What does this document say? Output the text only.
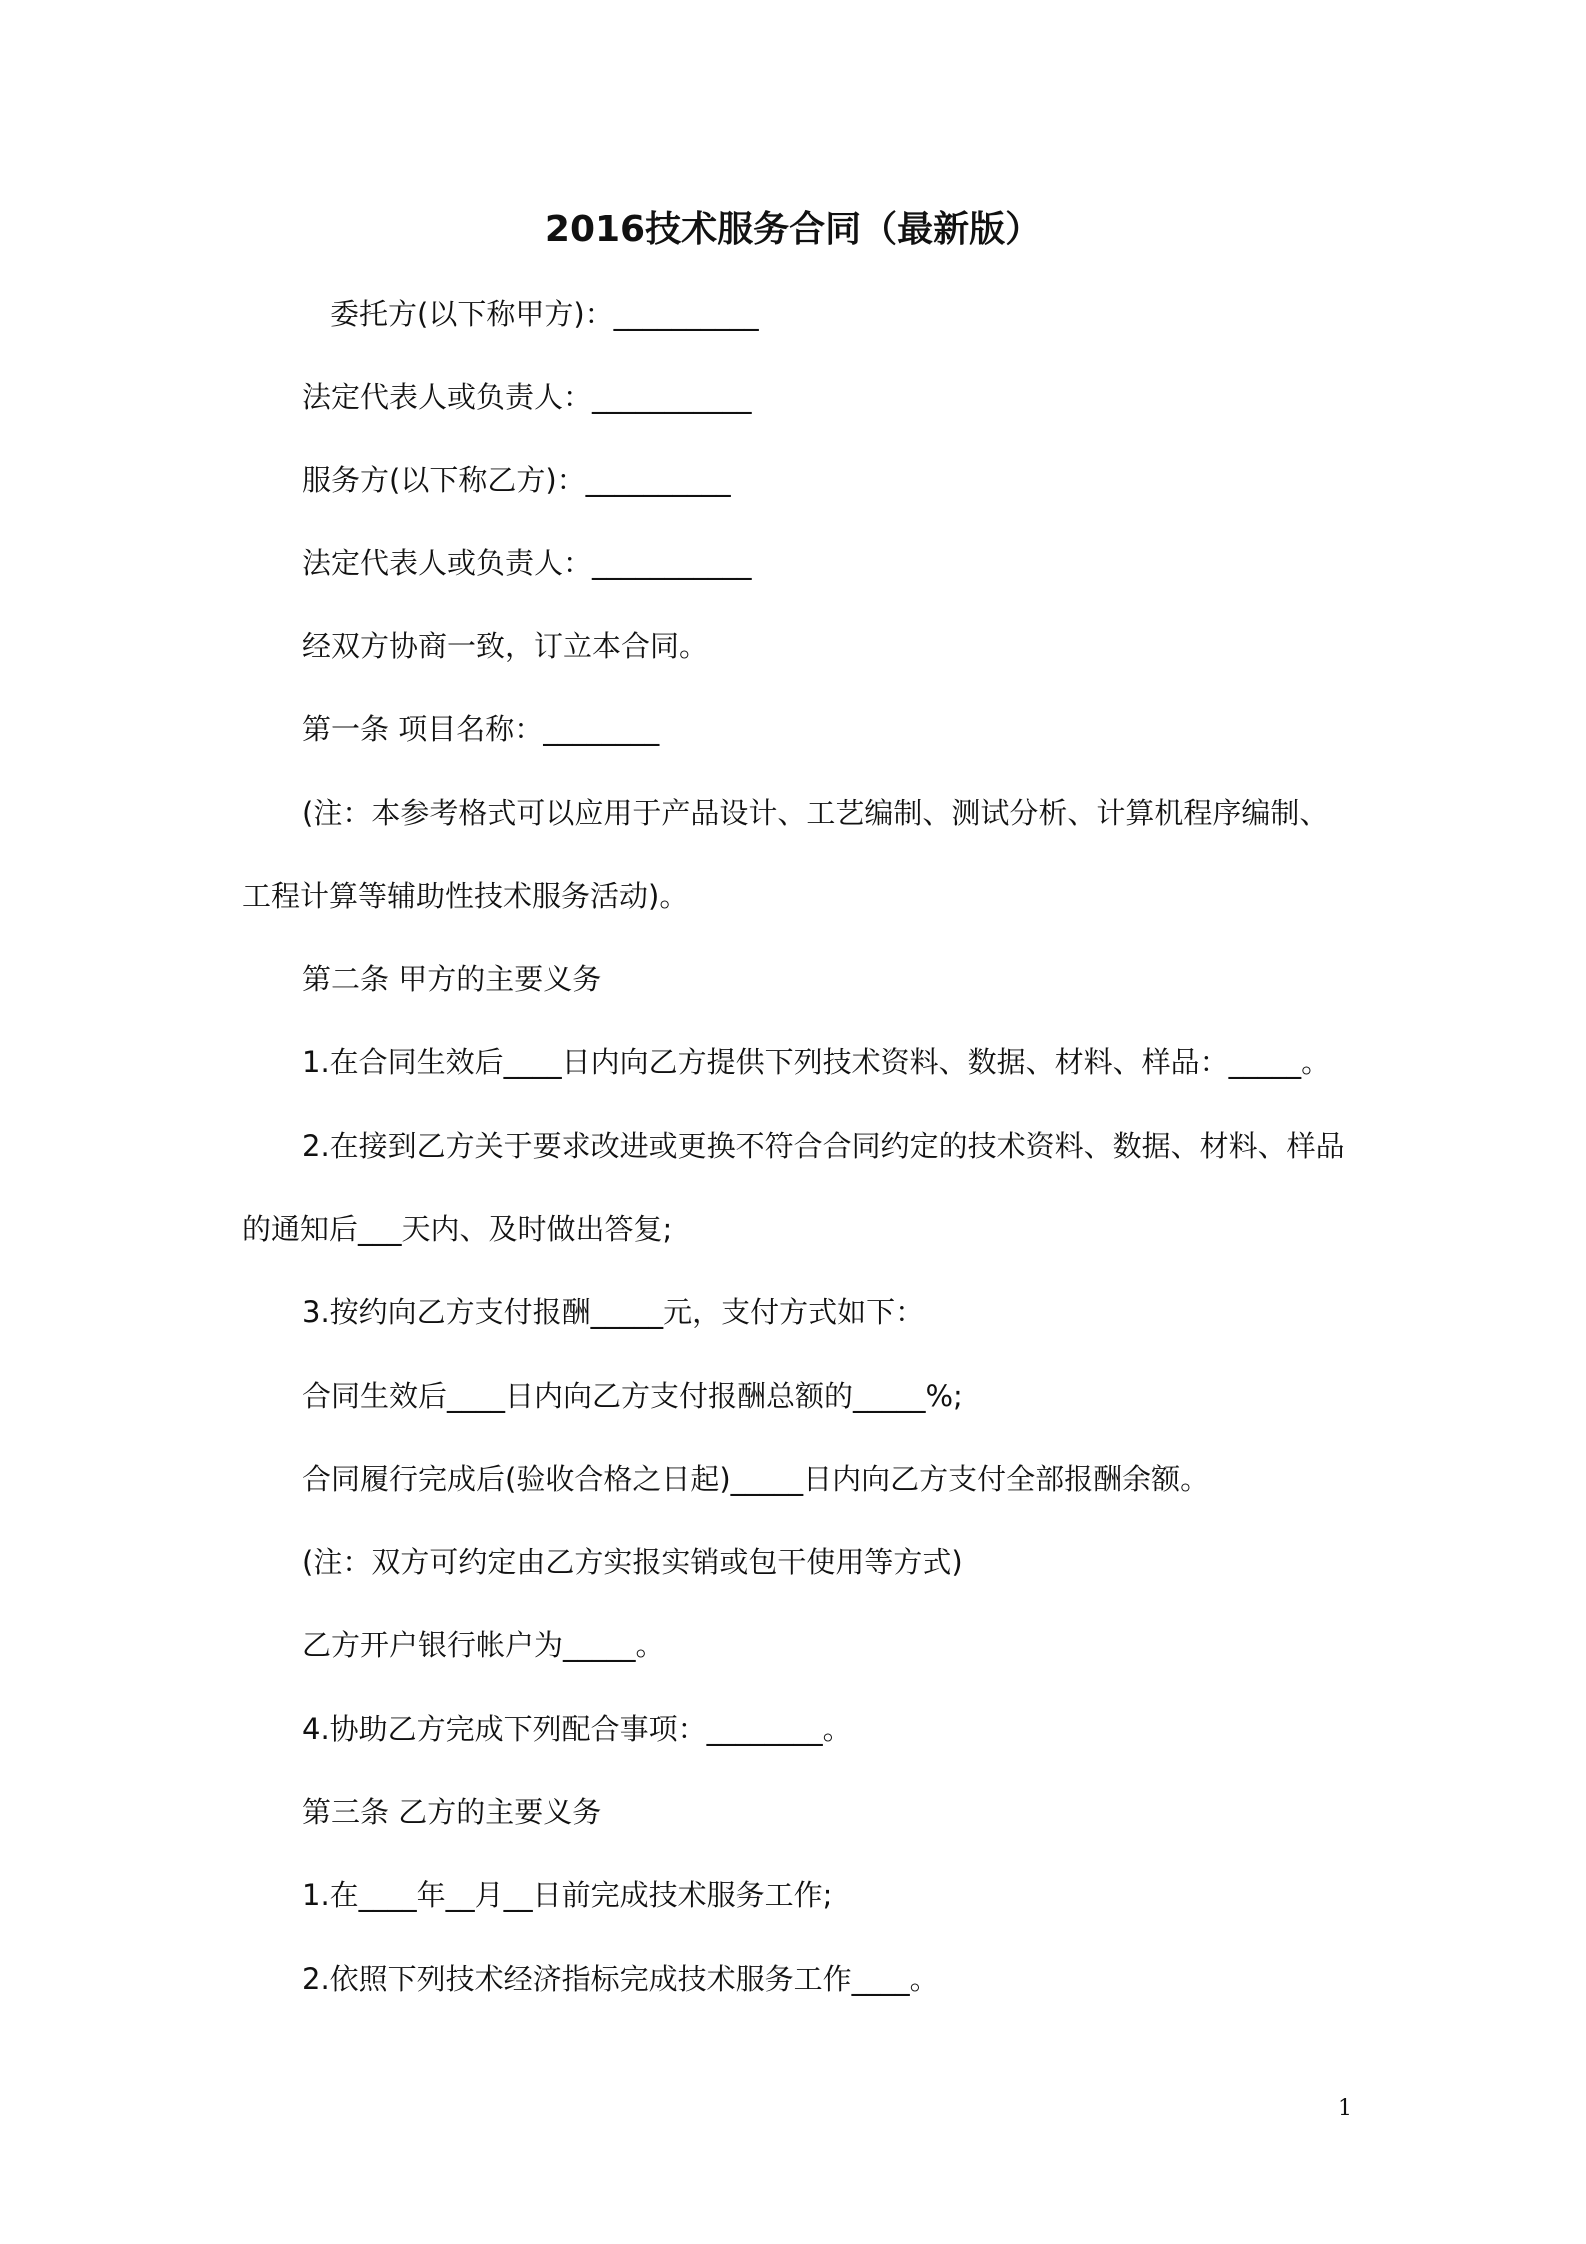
2016技术服务合同（最新版）
委托方(以下称甲方)：__________
法定代表人或负责人：___________
服务方(以下称乙方)：__________
法定代表人或负责人：___________
经双方协商一致，订立本合同。
第一条 项目名称：________
(注：本参考格式可以应用于产品设计、工艺编制、测试分析、计算机程序编制、
工程计算等辅助性技术服务活动)。
第二条 甲方的主要义务
1.在合同生效后____日内向乙方提供下列技术资料、数据、材料、样品：_____。
2.在接到乙方关于要求改进或更换不符合合同约定的技术资料、数据、材料、样品
的通知后___天内、及时做出答复;
3.按约向乙方支付报酬_____元，支付方式如下：
合同生效后____日内向乙方支付报酬总额的_____%;
合同履行完成后(验收合格之日起)_____日内向乙方支付全部报酬余额。
(注：双方可约定由乙方实报实销或包干使用等方式)
乙方开户银行帐户为_____。
4.协助乙方完成下列配合事项：________。
第三条 乙方的主要义务
1.在____年__月__日前完成技术服务工作;
2.依照下列技术经济指标完成技术服务工作____。
1
